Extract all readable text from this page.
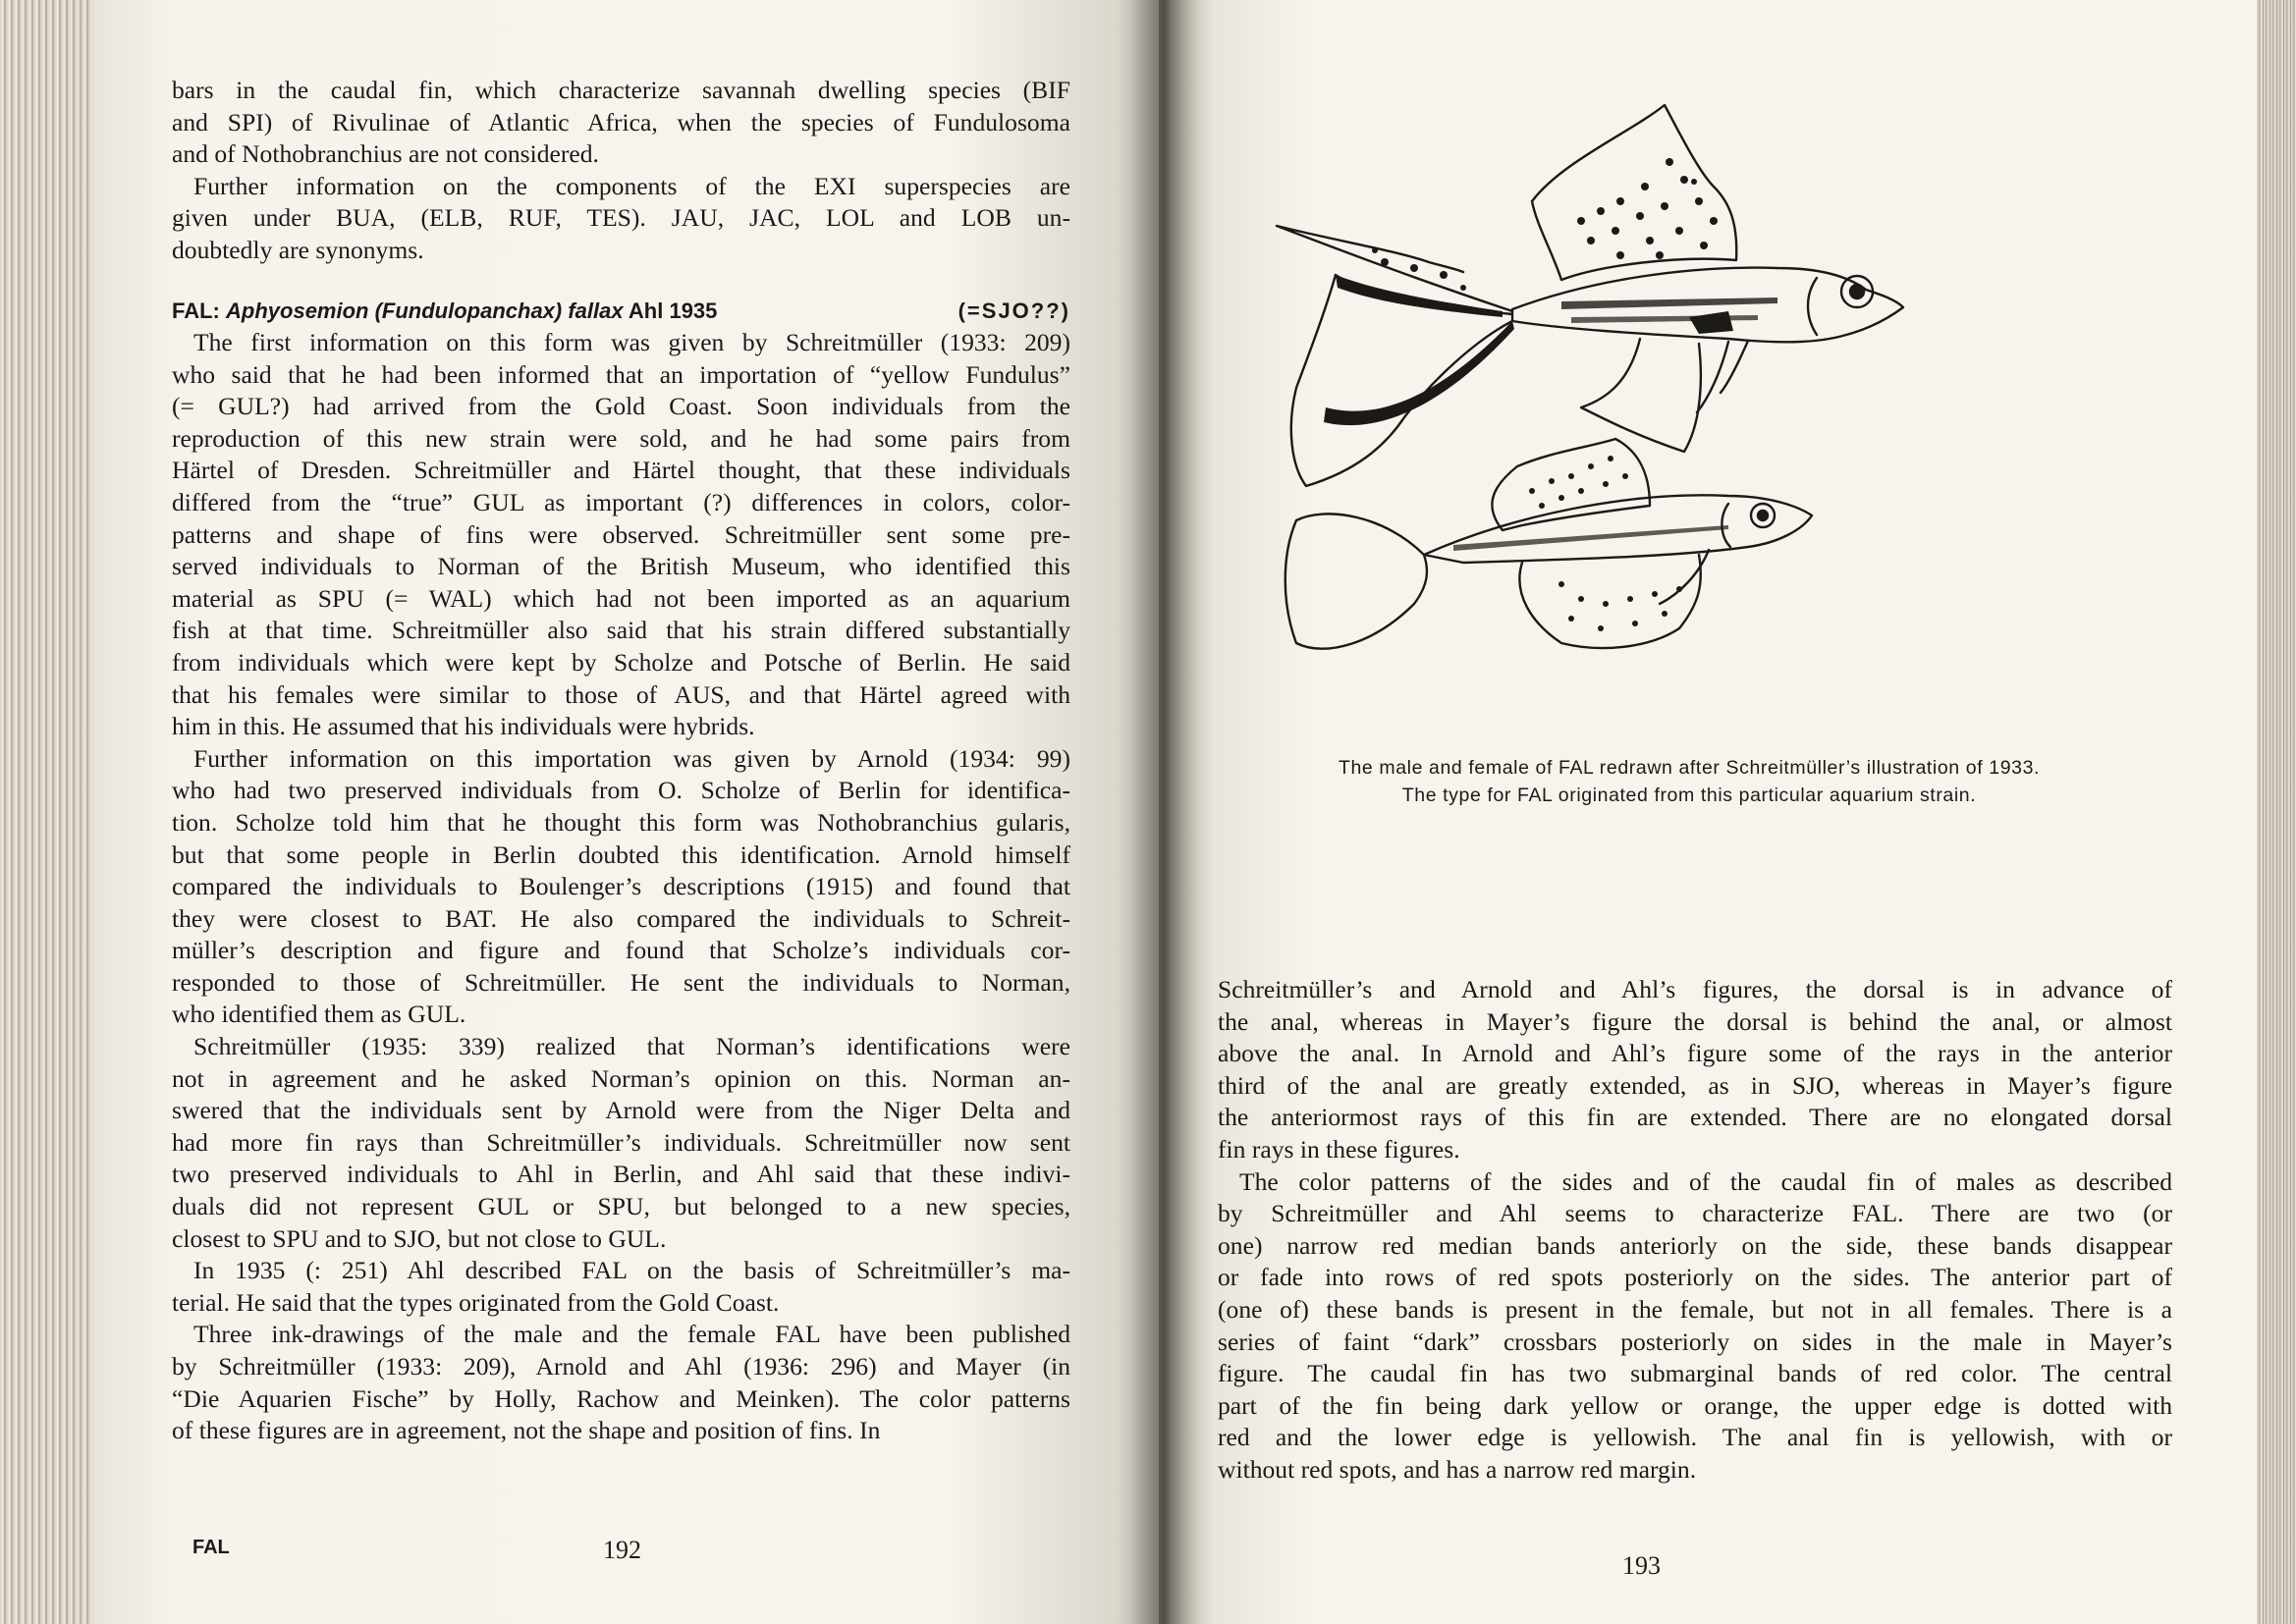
bars in the caudal fin, which characterize savannah dwelling species (BIF
and SPI) of Rivulinae of Atlantic Africa, when the species of Fundulosoma
and of Nothobranchius are not considered.

Further information on the components of the EXI superspecies are
given under BUA, (ELB, RUF, TES). JAU, JAC, LOL and LOB un-
doubtedly are synonyms.

FAL: Aphyosemion (Fundulopanchax) fallax Ahl 1935	(=SJO??)

The first information on this form was given by Schreitmüller (1933: 209)
who said that he had been informed that an importation of “yellow Fundulus”
(= GUL?) had arrived from the Gold Coast. Soon individuals from the
reproduction of this new strain were sold, and he had some pairs from
Härtel of Dresden. Schreitmüller and Härtel thought, that these individuals
differed from the “true” GUL as important (?) differences in colors, color-
patterns and shape of fins were observed. Schreitmüller sent some pre-
served individuals to Norman of the British Museum, who identified this
material as SPU (= WAL) which had not been imported as an aquarium
fish at that time. Schreitmüller also said that his strain differed substantially
from individuals which were kept by Scholze and Potsche of Berlin. He said
that his females were similar to those of AUS, and that Härtel agreed with
him in this. He assumed that his individuals were hybrids.

Further information on this importation was given by Arnold (1934: 99)
who had two preserved individuals from O. Scholze of Berlin for identifica-
tion. Scholze told him that he thought this form was Nothobranchius gularis,
but that some people in Berlin doubted this identification. Arnold himself
compared the individuals to Boulenger’s descriptions (1915) and found that
they were closest to BAT. He also compared the individuals to Schreit-
müller’s description and figure and found that Scholze’s individuals cor-
responded to those of Schreitmüller. He sent the individuals to Norman,
who identified them as GUL.

Schreitmüller (1935: 339) realized that Norman’s identifications were
not in agreement and he asked Norman’s opinion on this. Norman an-
swered that the individuals sent by Arnold were from the Niger Delta and
had more fin rays than Schreitmüller’s individuals. Schreitmüller now sent
two preserved individuals to Ahl in Berlin, and Ahl said that these indivi-
duals did not represent GUL or SPU, but belonged to a new species,
closest to SPU and to SJO, but not close to GUL.

In 1935 (: 251) Ahl described FAL on the basis of Schreitmüller’s ma-
terial. He said that the types originated from the Gold Coast.

Three ink-drawings of the male and the female FAL have been published
by Schreitmüller (1933: 209), Arnold and Ahl (1936: 296) and Mayer (in
“Die Aquarien Fische” by Holly, Rachow and Meinken). The color patterns
of these figures are in agreement, not the shape and position of fins. In

FAL	192
The male and female of FAL redrawn after Schreitmüller’s illustration of 1933.
The type for FAL originated from this particular aquarium strain.

Schreitmüller’s and Arnold and Ahl’s figures, the dorsal is in advance of
the anal, whereas in Mayer’s figure the dorsal is behind the anal, or almost
above the anal. In Arnold and Ahl’s figure some of the rays in the anterior
third of the anal are greatly extended, as in SJO, whereas in Mayer’s figure
the anteriormost rays of this fin are extended. There are no elongated dorsal
fin rays in these figures.

The color patterns of the sides and of the caudal fin of males as described
by Schreitmüller and Ahl seems to characterize FAL. There are two (or
one) narrow red median bands anteriorly on the side, these bands disappear
or fade into rows of red spots posteriorly on the sides. The anterior part of
(one of) these bands is present in the female, but not in all females. There is a
series of faint “dark” crossbars posteriorly on sides in the male in Mayer’s
figure. The caudal fin has two submarginal bands of red color. The central
part of the fin being dark yellow or orange, the upper edge is dotted with
red and the lower edge is yellowish. The anal fin is yellowish, with or
without red spots, and has a narrow red margin.

193
